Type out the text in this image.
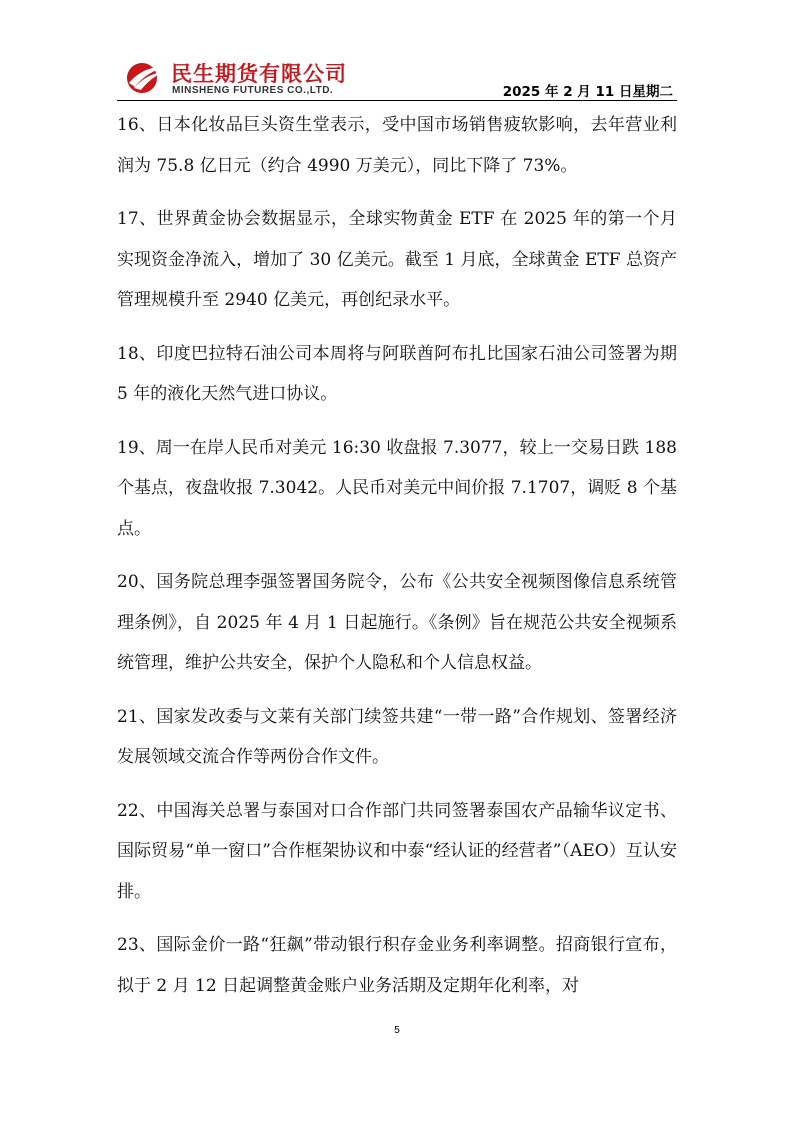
民生期货有限公司
MINSHENG FUTURES CO.,LTD.	2025 年 2 月 11 日星期二

16、日本化妆品巨头资生堂表示，受中国市场销售疲软影响，去年营业利润为 75.8 亿日元（约合 4990 万美元），同比下降了 73%。

17、世界黄金协会数据显示，全球实物黄金 ETF 在 2025 年的第一个月实现资金净流入，增加了 30 亿美元。截至 1 月底，全球黄金 ETF 总资产管理规模升至 2940 亿美元，再创纪录水平。

18、印度巴拉特石油公司本周将与阿联酋阿布扎比国家石油公司签署为期 5 年的液化天然气进口协议。

19、周一在岸人民币对美元 16:30 收盘报 7.3077，较上一交易日跌 188 个基点，夜盘收报 7.3042。人民币对美元中间价报 7.1707，调贬 8 个基点。

20、国务院总理李强签署国务院令，公布《公共安全视频图像信息系统管理条例》，自 2025 年 4 月 1 日起施行。《条例》旨在规范公共安全视频系统管理，维护公共安全，保护个人隐私和个人信息权益。

21、国家发改委与文莱有关部门续签共建“一带一路”合作规划、签署经济发展领域交流合作等两份合作文件。

22、中国海关总署与泰国对口合作部门共同签署泰国农产品输华议定书、国际贸易“单一窗口”合作框架协议和中泰“经认证的经营者”（AEO）互认安排。

23、国际金价一路“狂飙”带动银行积存金业务利率调整。招商银行宣布，拟于 2 月 12 日起调整黄金账户业务活期及定期年化利率，对

5
